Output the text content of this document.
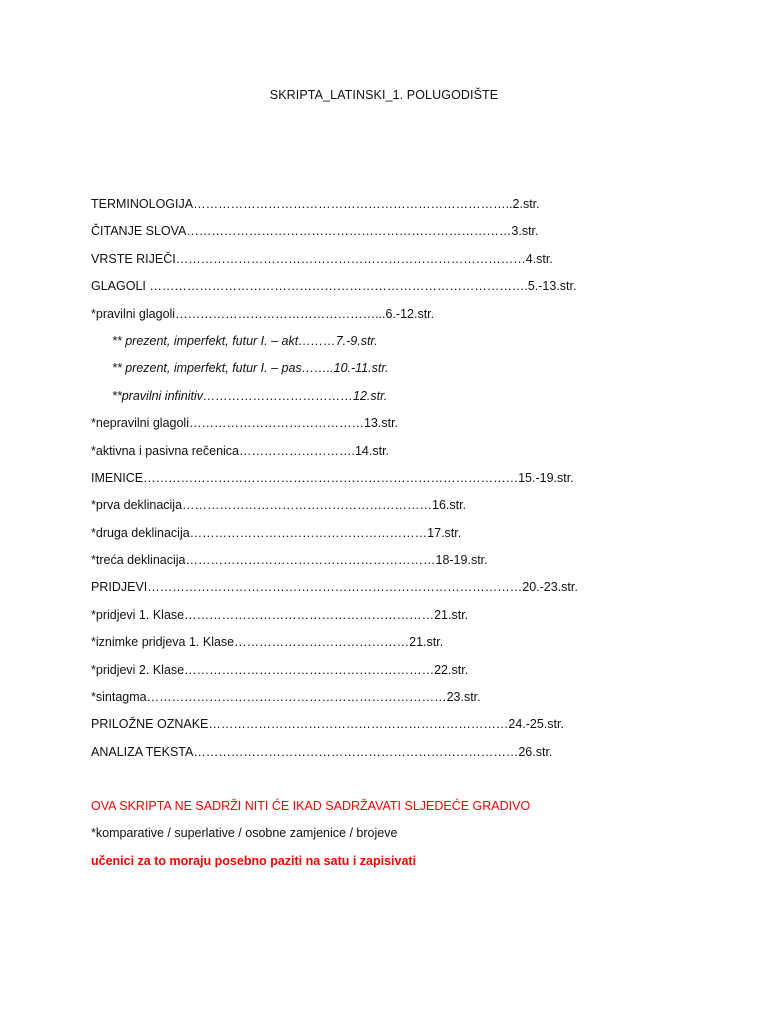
SKRIPTA_LATINSKI_1. POLUGODIŠTE
TERMINOLOGIJA…………………………………………………………………..2.str.
ČITANJE SLOVA……………………………………………………………………3.str.
VRSTE RIJEČI…………………………………………………………………………4.str.
GLAGOLI ……………………………………………………………………………….5.-13.str.
*pravilni glagoli…………………………………………...6.-12.str.
** prezent, imperfekt, futur I. – akt………7.-9.str.
** prezent, imperfekt, futur I. – pas……..10.-11.str.
**pravilni infinitiv………………………………12.str.
*nepravilni glagoli……………………………………13.str.
*aktivna i pasivna rečenica……………………….14.str.
IMENICE………………………………………………………………………………15.-19.str.
*prva deklinacija……………………………………………………16.str.
*druga deklinacija…………………………………………………17.str.
*treća deklinacija……………………………………………………18-19.str.
PRIDJEVI………………………………………………………………………………20.-23.str.
*pridjevi 1. Klase……………………………………………………21.str.
*iznimke pridjeva 1. Klase……………………………………21.str.
*pridjevi 2. Klase……………………………………………………22.str.
*sintagma………………………………………………………………23.str.
PRILOŽNE OZNAKE………………………………………………………………24.-25.str.
ANALIZA TEKSTA……………………………………………………………………26.str.
OVA SKRIPTA NE SADRŽI NITI ĆE IKAD SADRŽAVATI SLJEDEĆE GRADIVO
*komparative / superlative / osobne zamjenice / brojeve
učenici za to moraju posebno paziti na satu i zapisivati
